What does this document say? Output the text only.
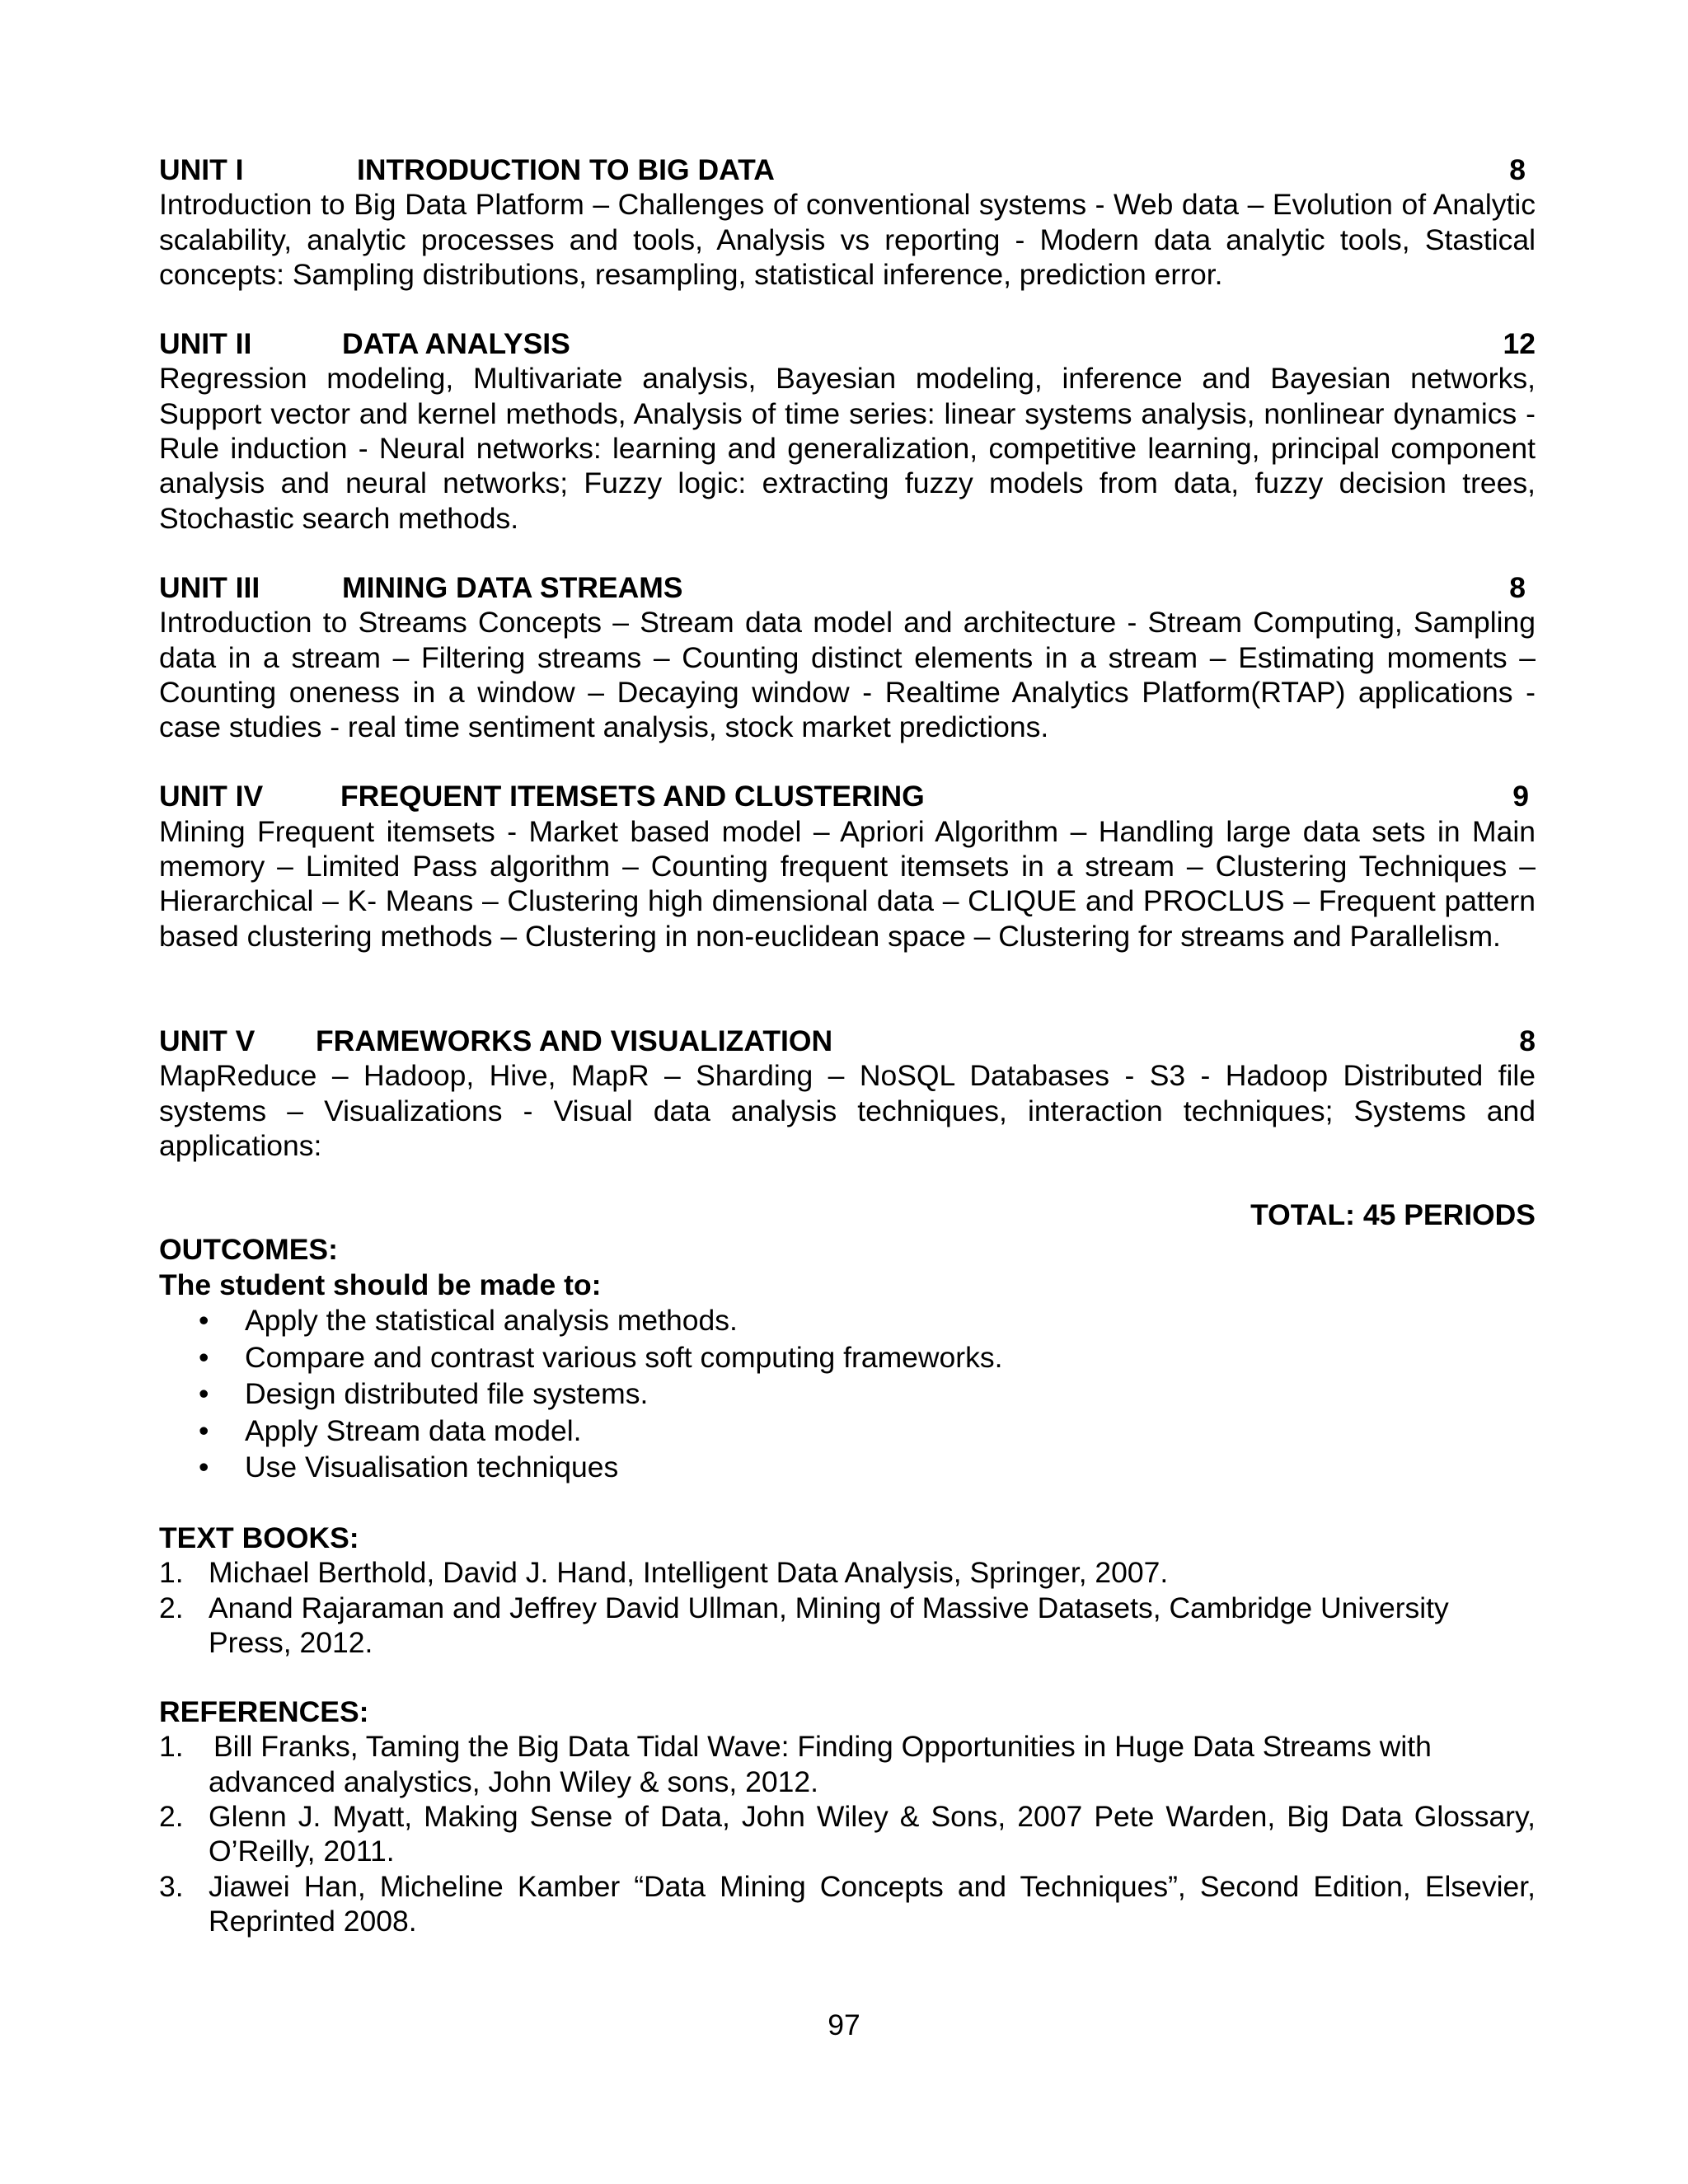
UNIT I	INTRODUCTION TO BIG DATA	8
Introduction to Big Data Platform – Challenges of conventional systems - Web data – Evolution of Analytic scalability, analytic processes and tools, Analysis vs reporting - Modern data analytic tools, Stastical concepts: Sampling distributions, resampling, statistical inference, prediction error.
UNIT II	DATA ANALYSIS	12
Regression modeling, Multivariate analysis, Bayesian modeling, inference and Bayesian networks, Support vector and kernel methods, Analysis of time series: linear systems analysis, nonlinear dynamics - Rule induction - Neural networks: learning and generalization, competitive learning, principal component analysis and neural networks; Fuzzy logic: extracting fuzzy models from data, fuzzy decision trees, Stochastic search methods.
UNIT III	MINING DATA STREAMS	8
Introduction to Streams Concepts – Stream data model and architecture - Stream Computing, Sampling data in a stream – Filtering streams – Counting distinct elements in a stream – Estimating moments – Counting oneness in a window – Decaying window - Realtime Analytics Platform(RTAP) applications - case studies - real time sentiment analysis, stock market predictions.
UNIT IV	FREQUENT ITEMSETS AND CLUSTERING	9
Mining Frequent itemsets - Market based model – Apriori Algorithm – Handling large data sets in Main memory – Limited Pass algorithm – Counting frequent itemsets in a stream – Clustering Techniques – Hierarchical – K- Means – Clustering high dimensional data – CLIQUE and PROCLUS – Frequent pattern based clustering methods – Clustering in non-euclidean space – Clustering for streams and Parallelism.
UNIT V	FRAMEWORKS AND VISUALIZATION	8
MapReduce – Hadoop, Hive, MapR – Sharding – NoSQL Databases - S3 - Hadoop Distributed file systems – Visualizations - Visual data analysis techniques, interaction techniques; Systems and applications:
TOTAL: 45 PERIODS
OUTCOMES:
The student should be made to:
• Apply the statistical analysis methods.
• Compare and contrast various soft computing frameworks.
• Design distributed file systems.
• Apply Stream data model.
• Use Visualisation techniques
TEXT BOOKS:
1. Michael Berthold, David J. Hand, Intelligent Data Analysis, Springer, 2007.
2. Anand Rajaraman and Jeffrey David Ullman, Mining of Massive Datasets, Cambridge University Press, 2012.
REFERENCES:
1. Bill Franks, Taming the Big Data Tidal Wave: Finding Opportunities in Huge Data Streams with advanced analystics, John Wiley & sons, 2012.
2. Glenn J. Myatt, Making Sense of Data, John Wiley & Sons, 2007 Pete Warden, Big Data Glossary, O’Reilly, 2011.
3. Jiawei Han, Micheline Kamber “Data Mining Concepts and Techniques”, Second Edition, Elsevier, Reprinted 2008.
97
